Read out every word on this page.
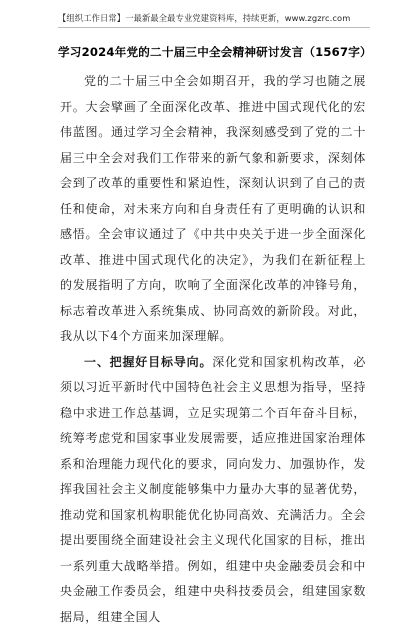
【组织工作日常】一最新最全最专业党建资料库，持续更新，www.zgzrc.com
学习2024年党的二十届三中全会精神研讨发言（1567字）

党的二十届三中全会如期召开，我的学习也随之展开。大会擘画了全面深化改革、推进中国式现代化的宏伟蓝图。通过学习全会精神，我深刻感受到了党的二十届三中全会对我们工作带来的新气象和新要求，深刻体会到了改革的重要性和紧迫性，深刻认识到了自己的责任和使命，对未来方向和自身责任有了更明确的认识和感悟。全会审议通过了《中共中央关于进一步全面深化改革、推进中国式现代化的决定》，为我们在新征程上的发展指明了方向，吹响了全面深化改革的冲锋号角，标志着改革进入系统集成、协同高效的新阶段。对此，我从以下4个方面来加深理解。

一、把握好目标导向。深化党和国家机构改革，必须以习近平新时代中国特色社会主义思想为指导，坚持稳中求进工作总基调，立足实现第二个百年奋斗目标，统筹考虑党和国家事业发展需要，适应推进国家治理体系和治理能力现代化的要求，同向发力、加强协作，发挥我国社会主义制度能够集中力量办大事的显著优势，推动党和国家机构职能优化协同高效、充满活力。全会提出要围绕全面建设社会主义现代化国家的目标，推出一系列重大战略举措。例如，组建中央金融委员会和中央金融工作委员会，组建中央科技委员会，组建国家数据局，组建全国人
